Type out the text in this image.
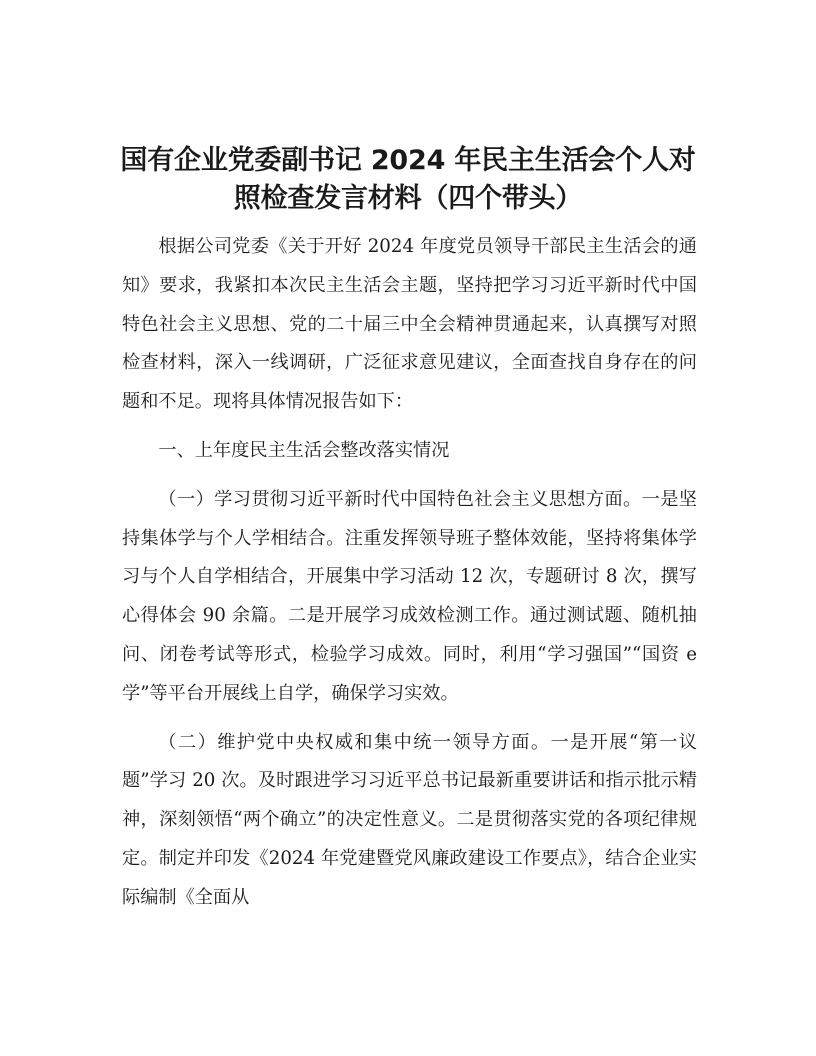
国有企业党委副书记 2024 年民主生活会个人对
照检查发言材料（四个带头）

根据公司党委《关于开好 2024 年度党员领导干部民主生活会的通知》要求，我紧扣本次民主生活会主题，坚持把学习习近平新时代中国特色社会主义思想、党的二十届三中全会精神贯通起来，认真撰写对照检查材料，深入一线调研，广泛征求意见建议，全面查找自身存在的问题和不足。现将具体情况报告如下：

一、上年度民主生活会整改落实情况

（一）学习贯彻习近平新时代中国特色社会主义思想方面。一是坚持集体学与个人学相结合。注重发挥领导班子整体效能，坚持将集体学习与个人自学相结合，开展集中学习活动 12 次，专题研讨 8 次，撰写心得体会 90 余篇。二是开展学习成效检测工作。通过测试题、随机抽问、闭卷考试等形式，检验学习成效。同时，利用“学习强国”“国资 e 学”等平台开展线上自学，确保学习实效。

（二）维护党中央权威和集中统一领导方面。一是开展“第一议题”学习 20 次。及时跟进学习习近平总书记最新重要讲话和指示批示精神，深刻领悟“两个确立”的决定性意义。二是贯彻落实党的各项纪律规定。制定并印发《2024 年党建暨党风廉政建设工作要点》，结合企业实际编制《全面从
